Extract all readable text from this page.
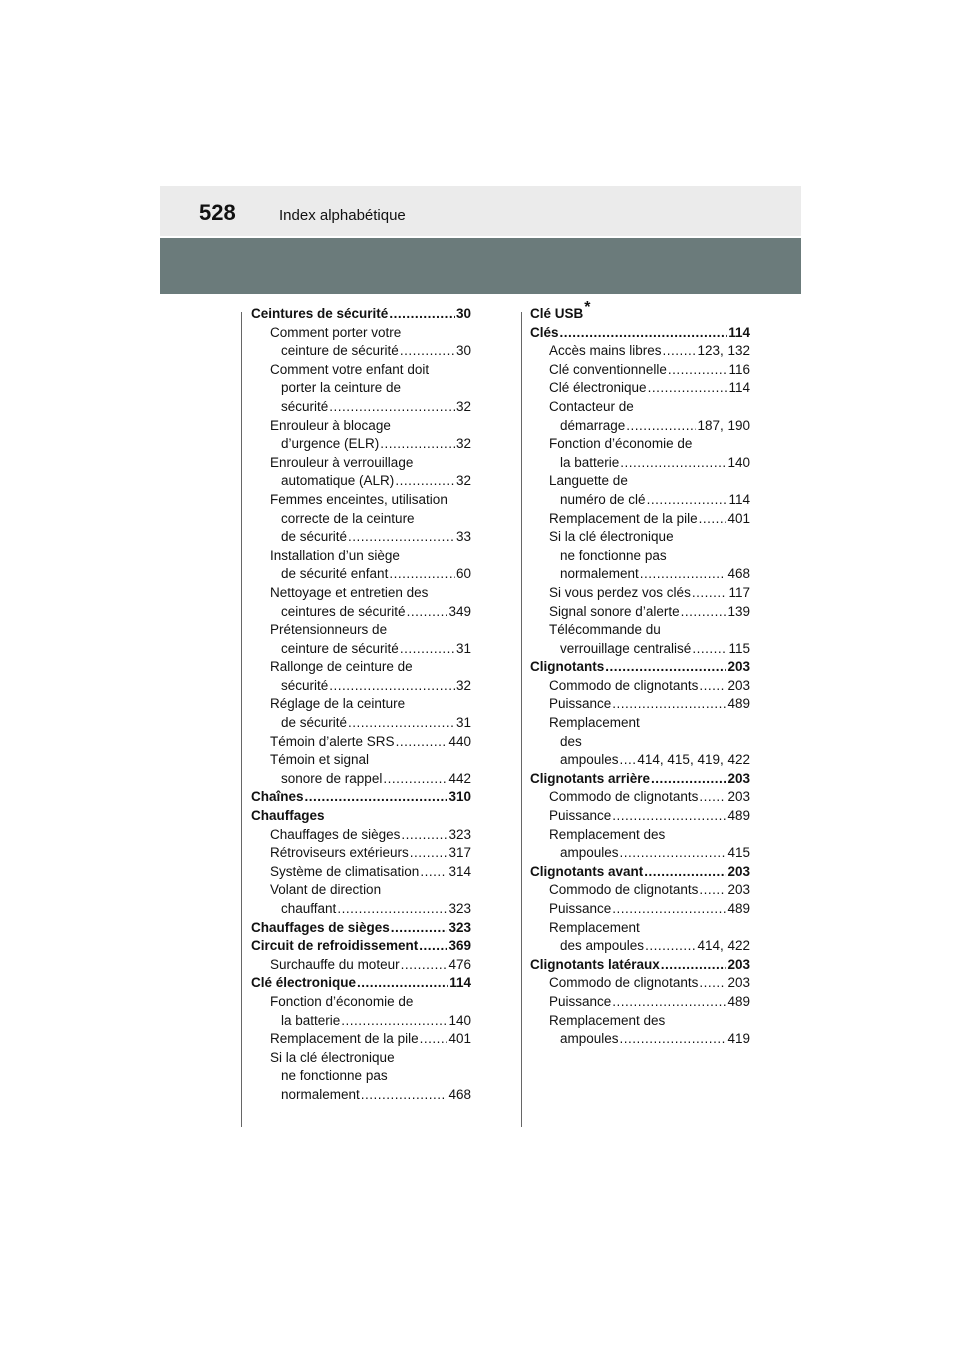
528	Index alphabétique
Ceintures de sécurité .....	30
Comment porter votre
ceinture de sécurité .....	30
Comment votre enfant doit
porter la ceinture de
sécurité .....	32
Enrouleur à blocage
d’urgence (ELR) .....	32
Enrouleur à verrouillage
automatique (ALR) .....	32
Femmes enceintes, utilisation
correcte de la ceinture
de sécurité .....	33
Installation d’un siège
de sécurité enfant .....	60
Nettoyage et entretien des
ceintures de sécurité .....	349
Prétensionneurs de
ceinture de sécurité .....	31
Rallonge de ceinture de
sécurité .....	32
Réglage de la ceinture
de sécurité .....	31
Témoin d’alerte SRS .....	440
Témoin et signal
sonore de rappel .....	442
Chaînes .....	310
Chauffages
Chauffages de sièges .....	323
Rétroviseurs extérieurs .....	317
Système de climatisation ..... 314
Volant de direction
chauffant .....	323
Chauffages de sièges .....	323
Circuit de refroidissement ..... 369
Surchauffe du moteur .....	476
Clé électronique .....	114
Fonction d’économie de
la batterie .....	140
Remplacement de la pile ..... 401
Si la clé électronique
ne fonctionne pas
normalement .....	468
Clé USB*
Clés .....	114
Accès mains libres .....	123, 132
Clé conventionnelle .....	116
Clé électronique .....	114
Contacteur de
démarrage .....	187, 190
Fonction d’économie de
la batterie .....	140
Languette de
numéro de clé .....	114
Remplacement de la pile ..... 401
Si la clé électronique
ne fonctionne pas
normalement .....	468
Si vous perdez vos clés .....	117
Signal sonore d’alerte .....	139
Télécommande du
verrouillage centralisé .....	115
Clignotants .....	203
Commodo de clignotants ..... 203
Puissance .....	489
Remplacement
des
ampoules ..... 414, 415, 419, 422
Clignotants arrière .....	203
Commodo de clignotants ..... 203
Puissance .....	489
Remplacement des
ampoules .....	415
Clignotants avant .....	203
Commodo de clignotants ..... 203
Puissance .....	489
Remplacement
des ampoules .....	414, 422
Clignotants latéraux .....	203
Commodo de clignotants ..... 203
Puissance .....	489
Remplacement des
ampoules .....	419
